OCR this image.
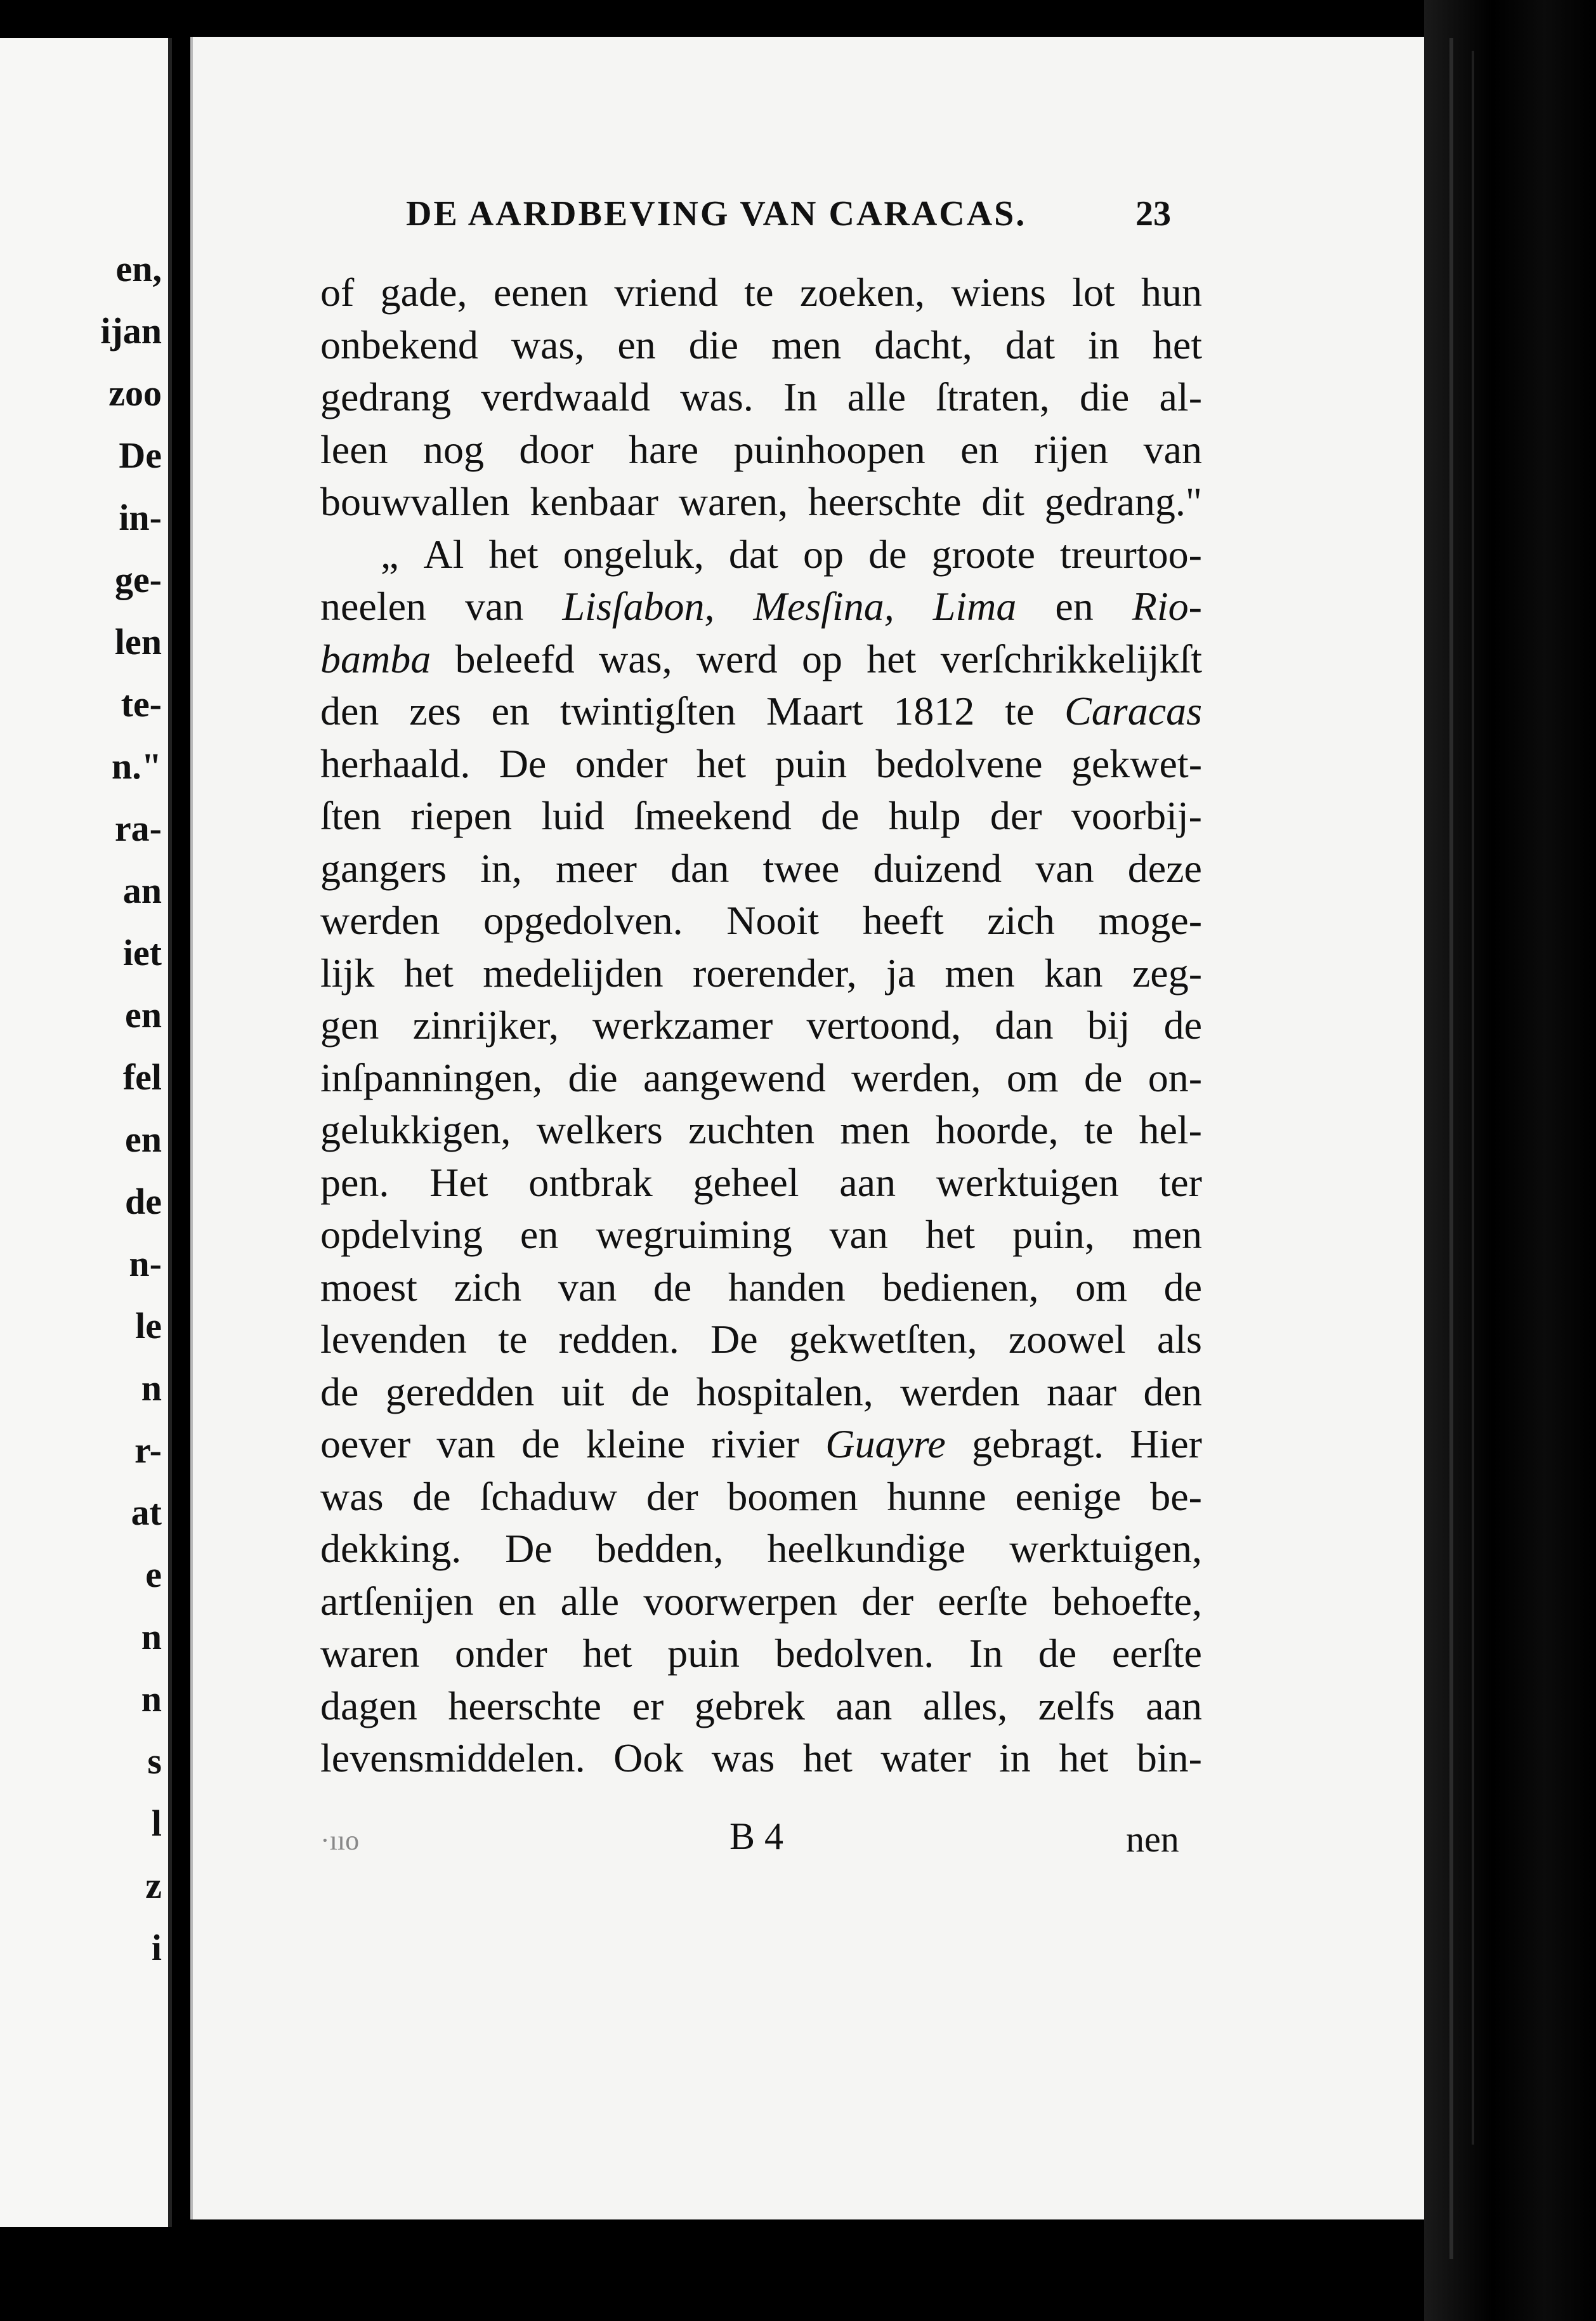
en,
ijan
zoo
De
in-
ge-
len
te-
n."
ra-
an
iet
en
fel
en
de
n-
le
n
r-
at
e
n
n
s
l
z
i
DE AARDBEVING VAN CARACAS.	23
of gade, eenen vriend te zoeken, wiens lot hun
onbekend was, en die men dacht, dat in het
gedrang verdwaald was. In alle ſtraten, die al-
leen nog door hare puinhoopen en rijen van
bouwvallen kenbaar waren, heerschte dit gedrang."
„ Al het ongeluk, dat op de groote treurtoo-
neelen van Lisſabon, Mesſina, Lima en Rio-
bamba beleefd was, werd op het verſchrikkelijkſt
den zes en twintigſten Maart 1812 te Caracas
herhaald. De onder het puin bedolvene gekwet-
ſten riepen luid ſmeekend de hulp der voorbij-
gangers in, meer dan twee duizend van deze
werden opgedolven. Nooit heeft zich moge-
lijk het medelijden roerender, ja men kan zeg-
gen zinrijker, werkzamer vertoond, dan bij de
inſpanningen, die aangewend werden, om de on-
gelukkigen, welkers zuchten men hoorde, te hel-
pen. Het ontbrak geheel aan werktuigen ter
opdelving en wegruiming van het puin, men
moest zich van de handen bedienen, om de
levenden te redden. De gekwetſten, zoowel als
de geredden uit de hospitalen, werden naar den
oever van de kleine rivier Guayre gebragt. Hier
was de ſchaduw der boomen hunne eenige be-
dekking. De bedden, heelkundige werktuigen,
artſenijen en alle voorwerpen der eerſte behoefte,
waren onder het puin bedolven. In de eerſte
dagen heerschte er gebrek aan alles, zelfs aan
levensmiddelen. Ook was het water in het bin-
·ııo	B 4	nen
